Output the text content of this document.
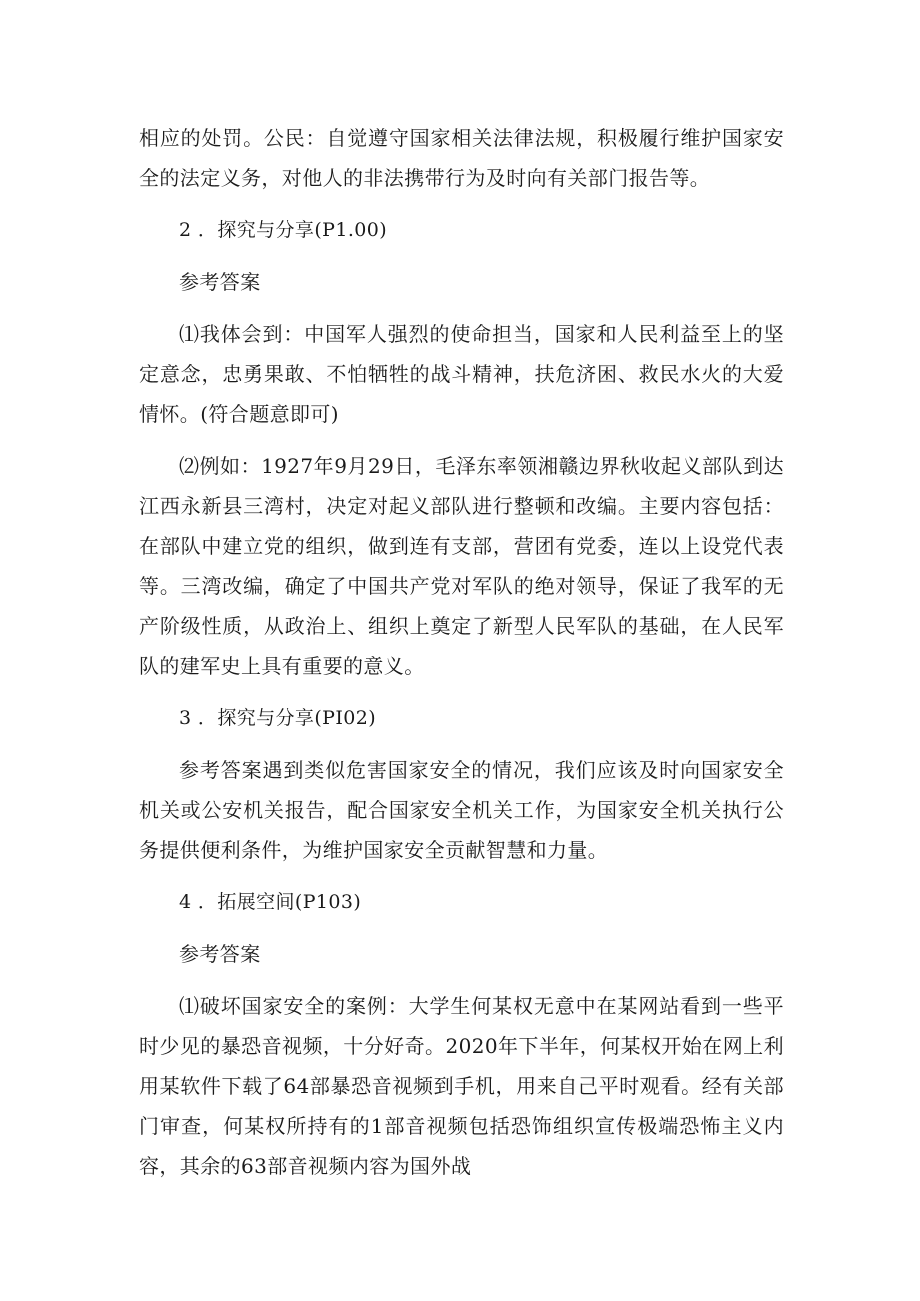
相应的处罚。公民：自觉遵守国家相关法律法规，积极履行维护国家安全的法定义务，对他人的非法携带行为及时向有关部门报告等。

2 ．探究与分享(P1.00)

参考答案

⑴我体会到：中国军人强烈的使命担当，国家和人民利益至上的坚定意念，忠勇果敢、不怕牺牲的战斗精神，扶危济困、救民水火的大爱情怀。(符合题意即可)

⑵例如：1927年9月29日，毛泽东率领湘赣边界秋收起义部队到达江西永新县三湾村，决定对起义部队进行整顿和改编。主要内容包括：在部队中建立党的组织，做到连有支部，营团有党委，连以上设党代表等。三湾改编，确定了中国共产党对军队的绝对领导，保证了我军的无产阶级性质，从政治上、组织上奠定了新型人民军队的基础，在人民军队的建军史上具有重要的意义。

3 ．探究与分享(PI02)

参考答案遇到类似危害国家安全的情况，我们应该及时向国家安全机关或公安机关报告，配合国家安全机关工作，为国家安全机关执行公务提供便利条件，为维护国家安全贡献智慧和力量。

4 ．拓展空间(P103)

参考答案

⑴破坏国家安全的案例：大学生何某权无意中在某网站看到一些平时少见的暴恐音视频，十分好奇。2020年下半年，何某权开始在网上利用某软件下载了64部暴恐音视频到手机，用来自己平时观看。经有关部门审查，何某权所持有的1部音视频包括恐饰组织宣传极端恐怖主义内容，其余的63部音视频内容为国外战
